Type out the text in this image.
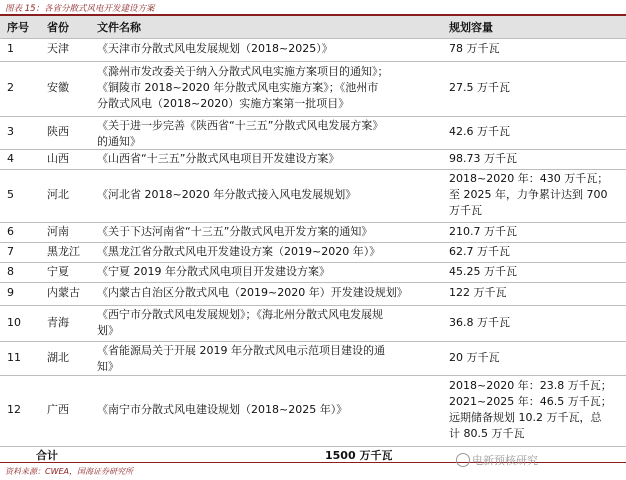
图表 15：各省分散式风电开发建设方案
序号 省份	文件名称	规划容量
1	天津	《天津市分散式风电发展规划（2018~2025）》	78 万千瓦
2	安徽
《滁州市发改委关于纳入分散式风电实施方案项目的通知》；
《铜陵市 2018~2020 年分散式风电实施方案》；《池州市
分散式风电（2018~2020）实施方案第一批项目》
27.5 万千瓦
3	陕西	《关于进一步完善《陕西省“十三五”分散式风电发展方案》
的通知》
42.6 万千瓦
4	山西	《山西省“十三五”分散式风电项目开发建设方案》	98.73 万千瓦
5	河北	《河北省 2018~2020 年分散式接入风电发展规划》
2018~2020 年：430 万千瓦；
至 2025 年，力争累计达到 700
万千瓦
6	河南	《关于下达河南省“十三五”分散式风电开发方案的通知》	210.7 万千瓦
7	黑龙江	《黑龙江省分散式风电开发建设方案（2019~2020 年）》	62.7 万千瓦
8	宁夏	《宁夏 2019 年分散式风电项目开发建设方案》	45.25 万千瓦
9	内蒙古	《内蒙古自治区分散式风电（2019~2020 年）开发建设规划》	122 万千瓦
10	青海
《西宁市分散式风电发展规划》；《海北州分散式风电发展规
划》
36.8 万千瓦
11	湖北
《省能源局关于开展 2019 年分散式风电示范项目建设的通
知》
20 万千瓦
12	广西	《南宁市分散式风电建设规划（2018~2025 年）》
2018~2020 年：23.8 万千瓦；
2021~2025 年：46.5 万千瓦；
远期储备规划 10.2 万千瓦，总
计 80.5 万千瓦
合计	1500 万千瓦
资料来源：CWEA，国海证券研究所
电新预核研究
